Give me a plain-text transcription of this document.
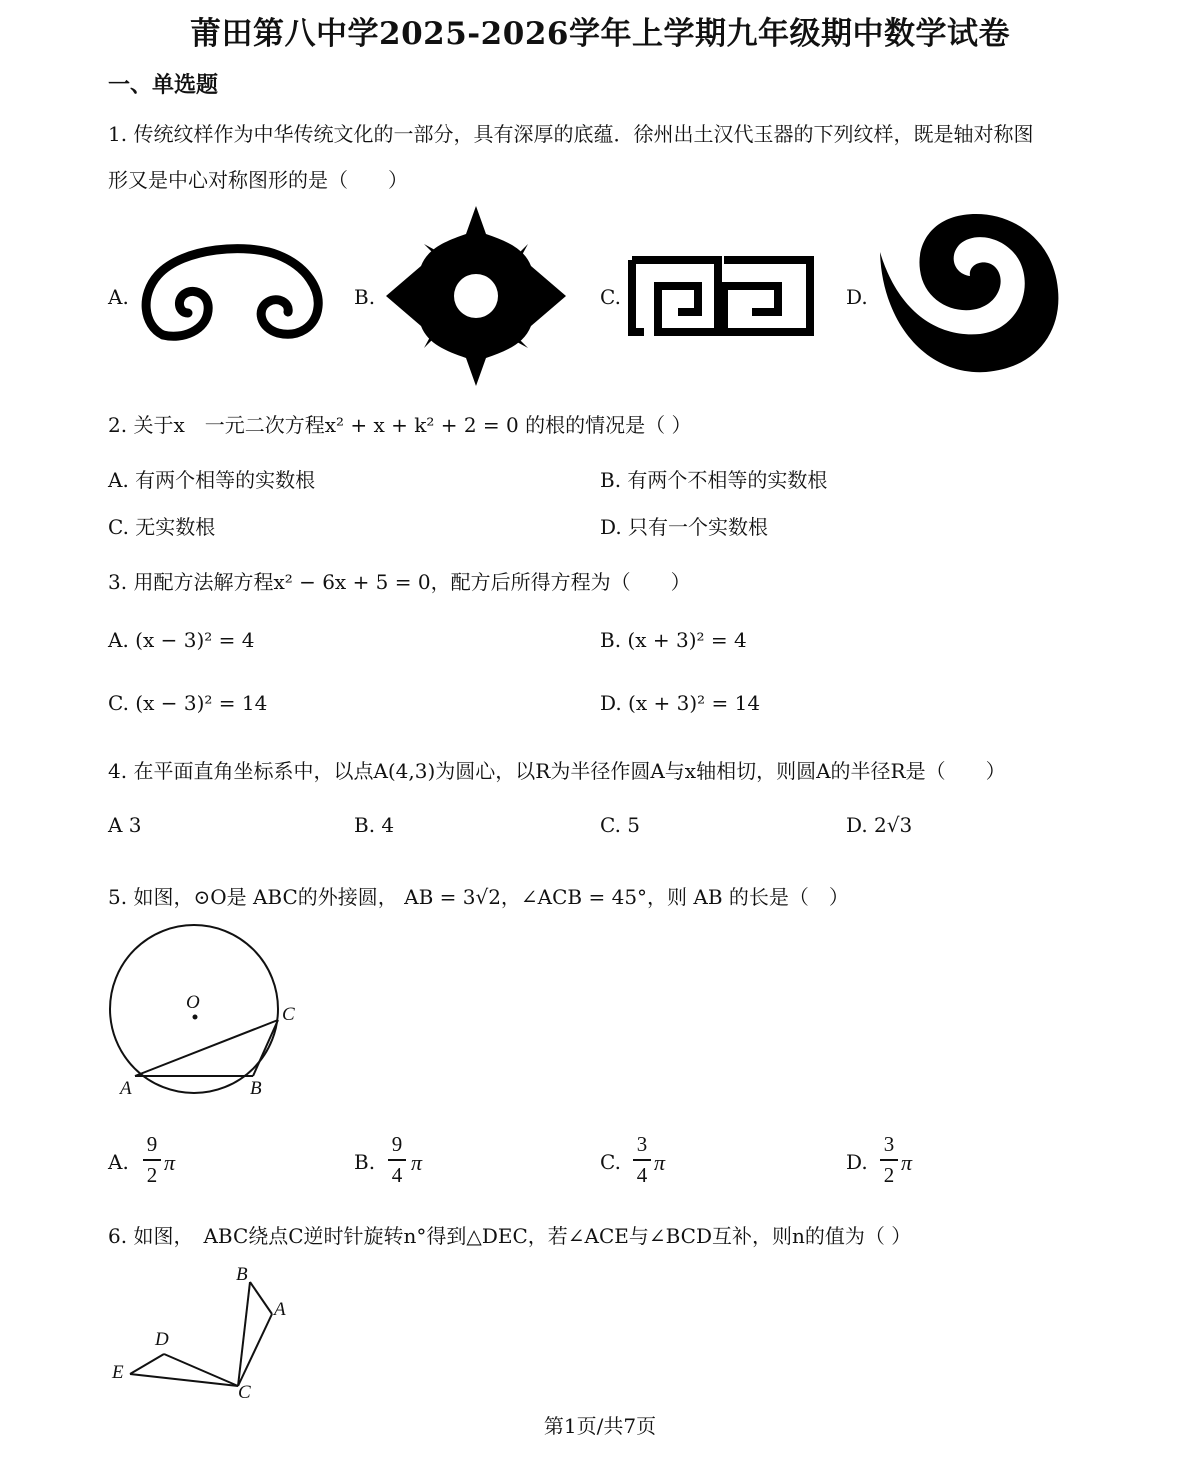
莆田第八中学2025-2026学年上学期九年级期中数学试卷
一、单选题
1. 传统纹样作为中华传统文化的一部分，具有深厚的底蕴．徐州出土汉代玉器的下列纹样，既是轴对称图
形又是中心对称图形的是（　　）
A.	B.	C.	D.
2. 关于x　一元二次方程x² + x + k² + 2 = 0 的根的情况是（ ）
A. 有两个相等的实数根	B. 有两个不相等的实数根
C. 无实数根	D. 只有一个实数根
3. 用配方法解方程x² − 6x + 5 = 0，配方后所得方程为（　　）
A. (x − 3)² = 4	B. (x + 3)² = 4
C. (x − 3)² = 14	D. (x + 3)² = 14
4. 在平面直角坐标系中，以点A(4,3)为圆心，以R为半径作圆A与x轴相切，则圆A的半径R是（　　）
A 3	B. 4	C. 5	D. 2√3
5. 如图，⊙O是 ABC的外接圆， AB = 3√2，∠ACB = 45°，则 AB 的长是（　）
O
C
A	B
A.
9
2 π	B.
9
4 π	C.
3
4 π	D.
3
2 π
6. 如图，　ABC绕点C逆时针旋转n°得到△DEC，若∠ACE与∠BCD互补，则n的值为（ ）
B
A
D
E
C
第1页/共7页
